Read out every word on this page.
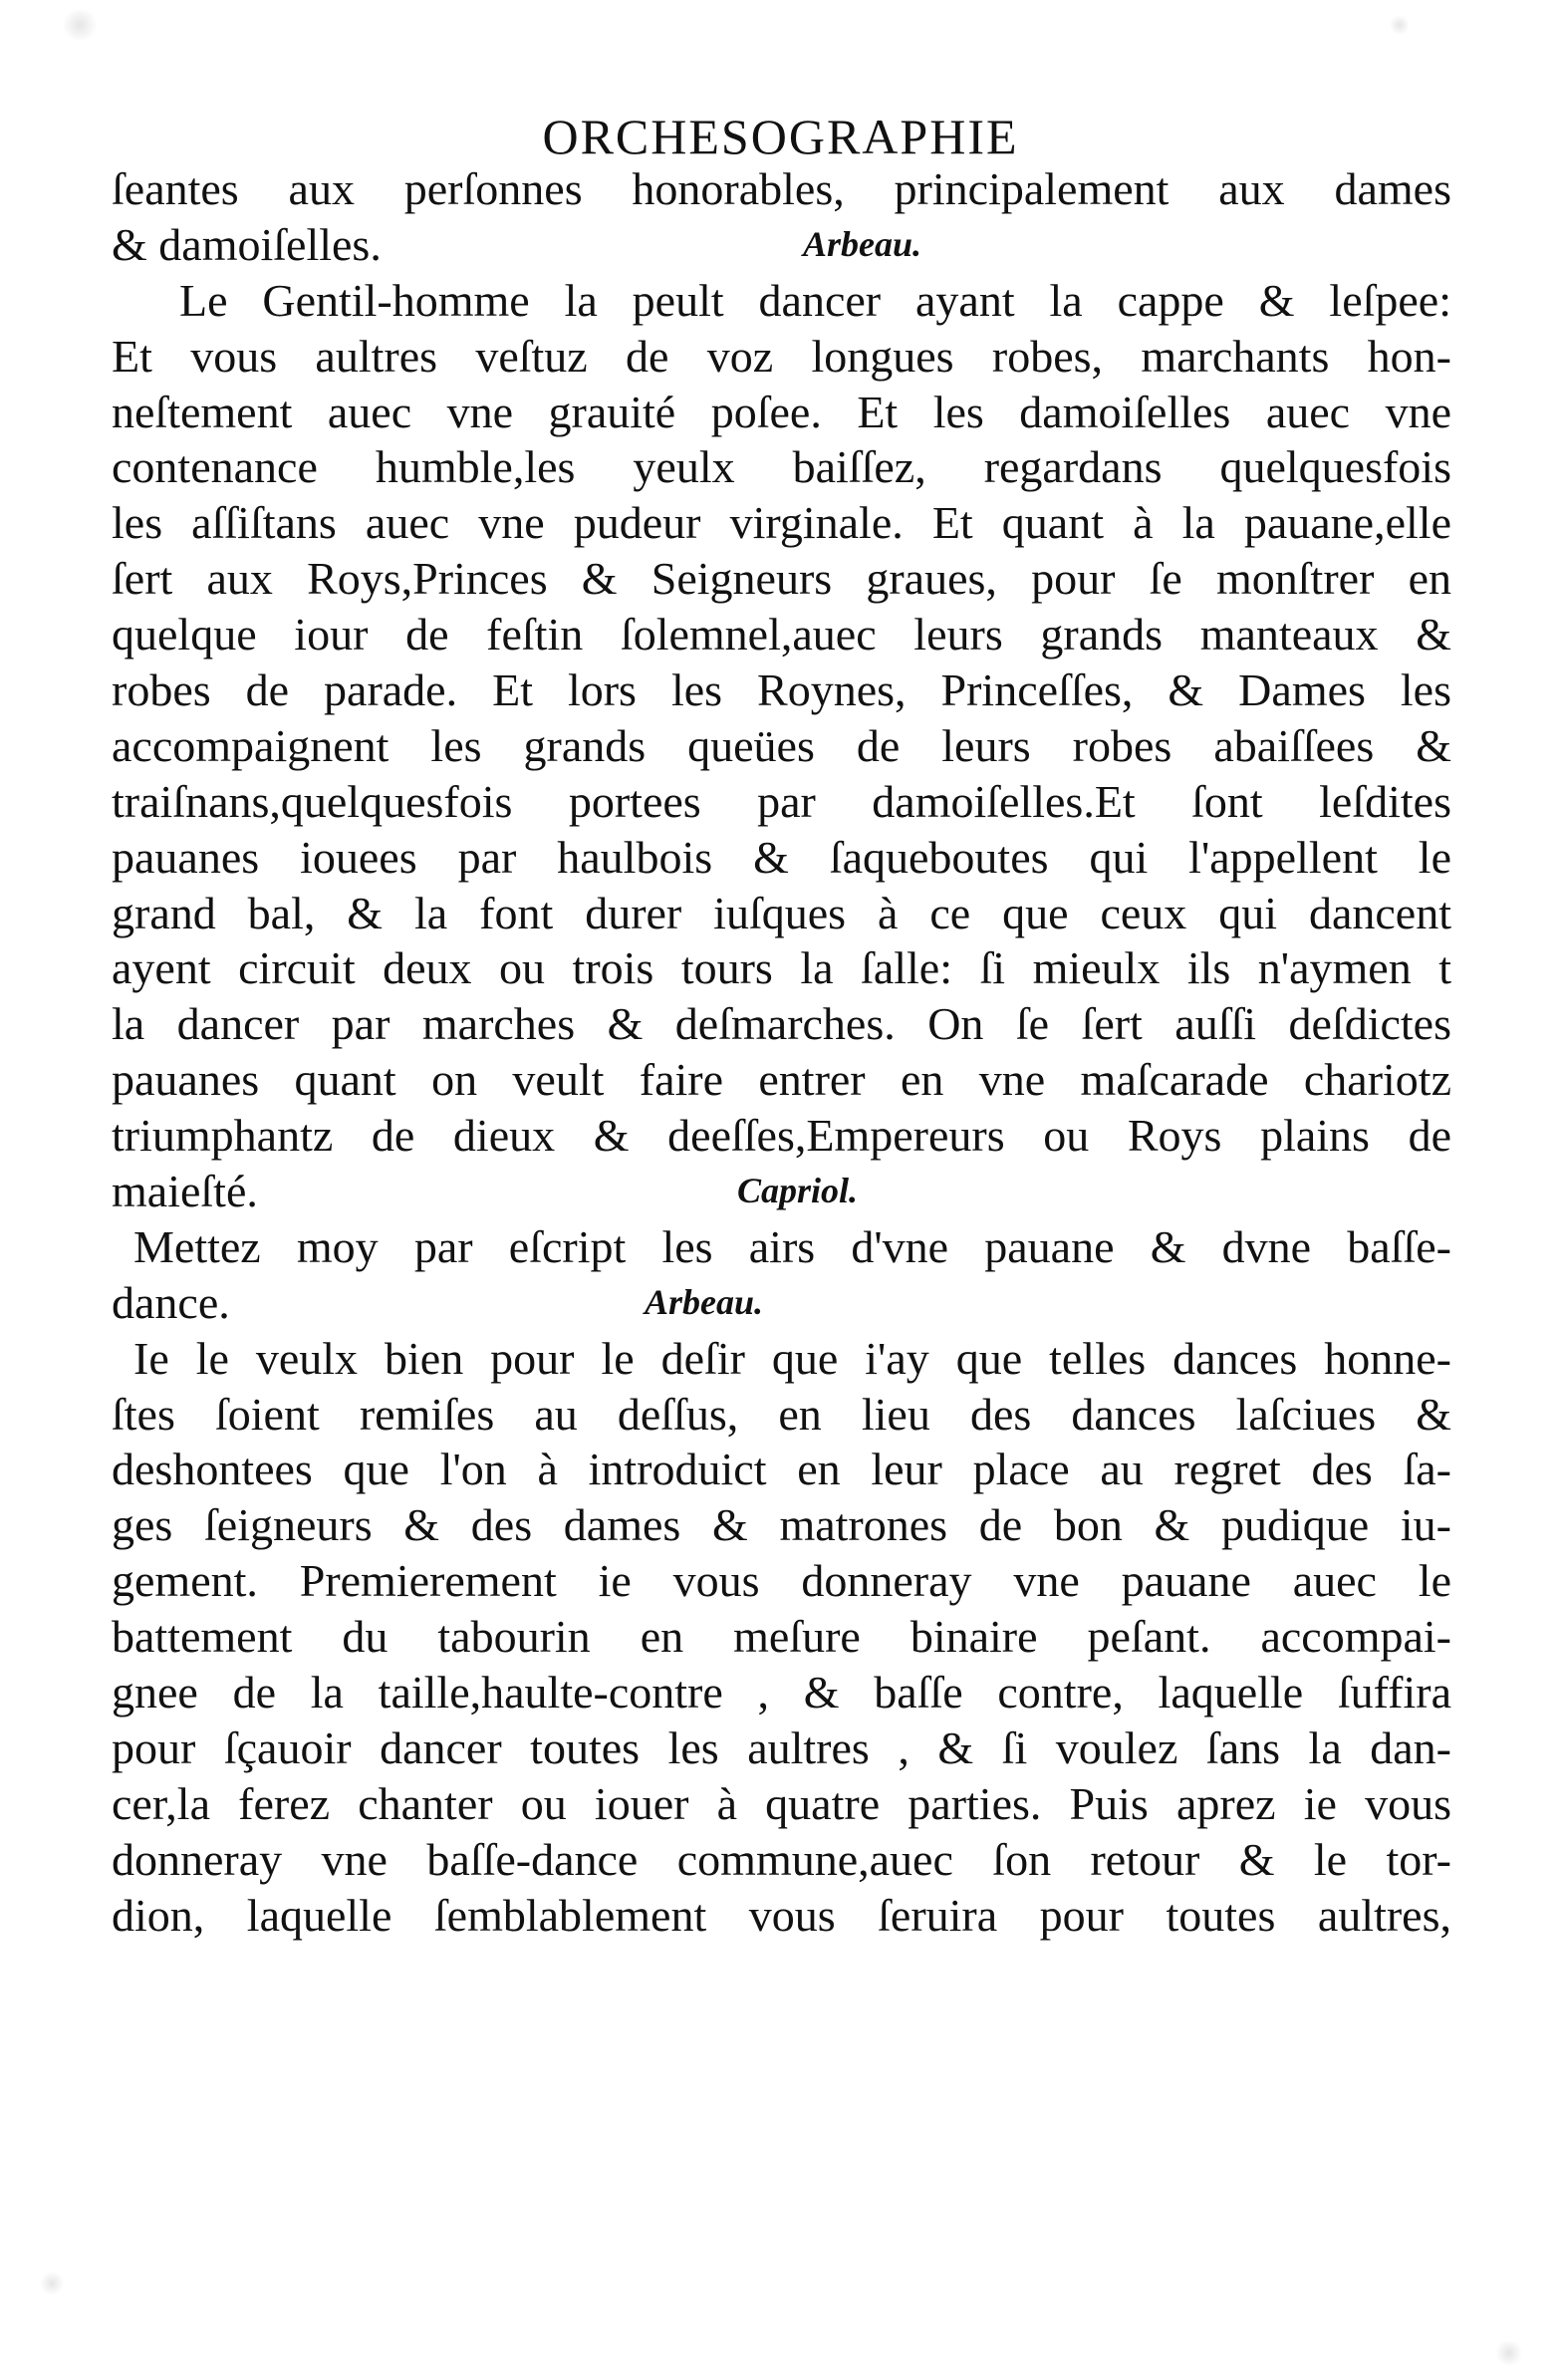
ORCHESOGRAPHIE
ſeantes aux perſonnes honorables, principalement aux dames
& damoiſelles.	Arbeau.
Le Gentil-homme la peult dancer ayant la cappe & leſpee:
Et vous aultres veſtuz de voz longues robes, marchants hon-
neſtement auec vne grauité poſee. Et les damoiſelles auec vne
contenance humble,les yeulx baiſſez, regardans quelquesfois
les aſſiſtans auec vne pudeur virginale. Et quant à la pauane,elle
ſert aux Roys,Princes & Seigneurs graues, pour ſe monſtrer en
quelque iour de feſtin ſolemnel,auec leurs grands manteaux &
robes de parade. Et lors les Roynes, Princeſſes, & Dames les
accompaignent les grands queües de leurs robes abaiſſees &
traiſnans,quelquesfois portees par damoiſelles.Et ſont leſdites
pauanes iouees par haulbois & ſaqueboutes qui l'appellent le
grand bal, & la font durer iuſques à ce que ceux qui dancent
ayent circuit deux ou trois tours la ſalle: ſi mieulx ils n'aymen t
la dancer par marches & deſmarches. On ſe ſert auſſi deſdictes
pauanes quant on veult faire entrer en vne maſcarade chariotz
triumphantz de dieux & deeſſes,Empereurs ou Roys plains de
maieſté.	Capriol.
Mettez moy par eſcript les airs d'vne pauane & dvne baſſe-
dance.	Arbeau.
Ie le veulx bien pour le deſir que i'ay que telles dances honne-
ſtes ſoient remiſes au deſſus, en lieu des dances laſciues &
deshontees que l'on à introduict en leur place au regret des ſa-
ges ſeigneurs & des dames & matrones de bon & pudique iu-
gement. Premierement ie vous donneray vne pauane auec le
battement du tabourin en meſure binaire peſant. accompai-
gnee de la taille,haulte-contre , & baſſe contre, laquelle ſuffira
pour ſçauoir dancer toutes les aultres , & ſi voulez ſans la dan-
cer,la ferez chanter ou iouer à quatre parties. Puis aprez ie vous
donneray vne baſſe-dance commune,auec ſon retour & le tor-
dion, laquelle ſemblablement vous ſeruira pour toutes aultres,
